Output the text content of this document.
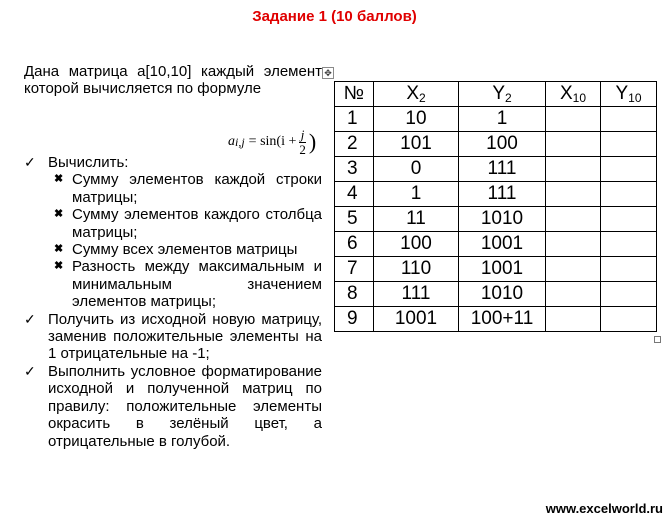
Задание 1 (10 баллов)
Дана матрица а[10,10] каждый элемент которой вычисляется по формуле
a $i,j = \sin(i + \frac{j}{2}$ )
✓ Вычислить:
✖ Сумму элементов каждой строки матрицы;
✖ Сумму элементов каждого столбца матрицы;
✖ Сумму всех элементов матрицы
✖ Разность между максимальным и минимальным значением элементов матрицы;
✓ Получить из исходной новую матрицу, заменив положительные элементы на 1 отрицательные на -1;
✓ Выполнить условное форматирование исходной и полученной матриц по правилу: положительные элементы окрасить в зелёный цвет, а отрицательные в голубой.
✥
№	$X_2$	$Y_2$	$X_{10}$	$Y_{10}$
1	10	1		
2	101	100		
3	0	111		
4	1	111		
5	11	1010		
6	100	1001		
7	110	1001		
8	111	1010		
9	1001	100+11		
www.excelworld.ru
